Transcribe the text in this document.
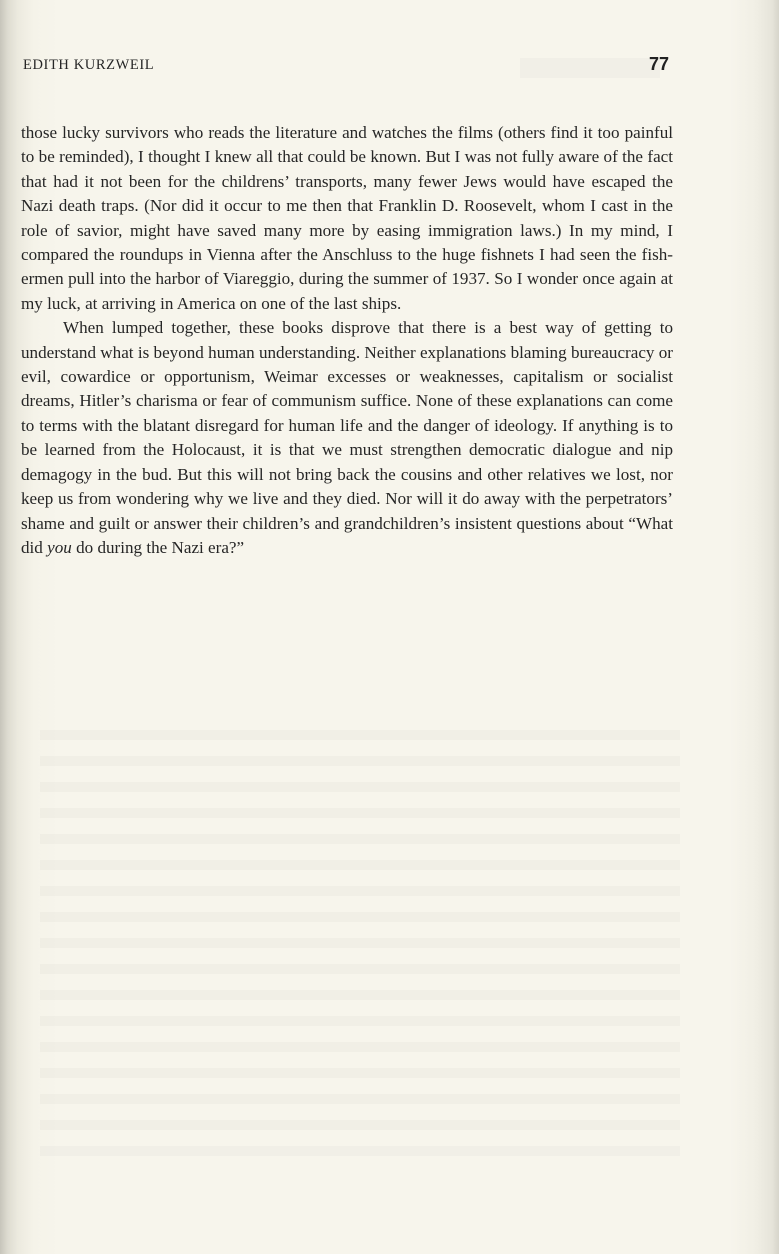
EDITH KURZWEIL	77

those lucky survivors who reads the literature and watches the films (others find it too painful to be reminded), I thought I knew all that could be known. But I was not fully aware of the fact that had it not been for the childrens’ transports, many fewer Jews would have escaped the Nazi death traps. (Nor did it occur to me then that Franklin D. Roosevelt, whom I cast in the role of savior, might have saved many more by easing immigration laws.) In my mind, I compared the roundups in Vienna after the Anschluss to the huge fishnets I had seen the fishermen pull into the harbor of Viareggio, during the summer of 1937. So I wonder once again at my luck, at arriving in America on one of the last ships.

When lumped together, these books disprove that there is a best way of getting to understand what is beyond human understanding. Neither explanations blaming bureaucracy or evil, cowardice or opportunism, Weimar excesses or weaknesses, capitalism or socialist dreams, Hitler’s charisma or fear of communism suffice. None of these explanations can come to terms with the blatant disregard for human life and the danger of ideology. If anything is to be learned from the Holocaust, it is that we must strengthen democratic dialogue and nip demagogy in the bud. But this will not bring back the cousins and other relatives we lost, nor keep us from wondering why we live and they died. Nor will it do away with the perpetrators’ shame and guilt or answer their children’s and grandchildren’s insistent questions about “What did you do during the Nazi era?”
